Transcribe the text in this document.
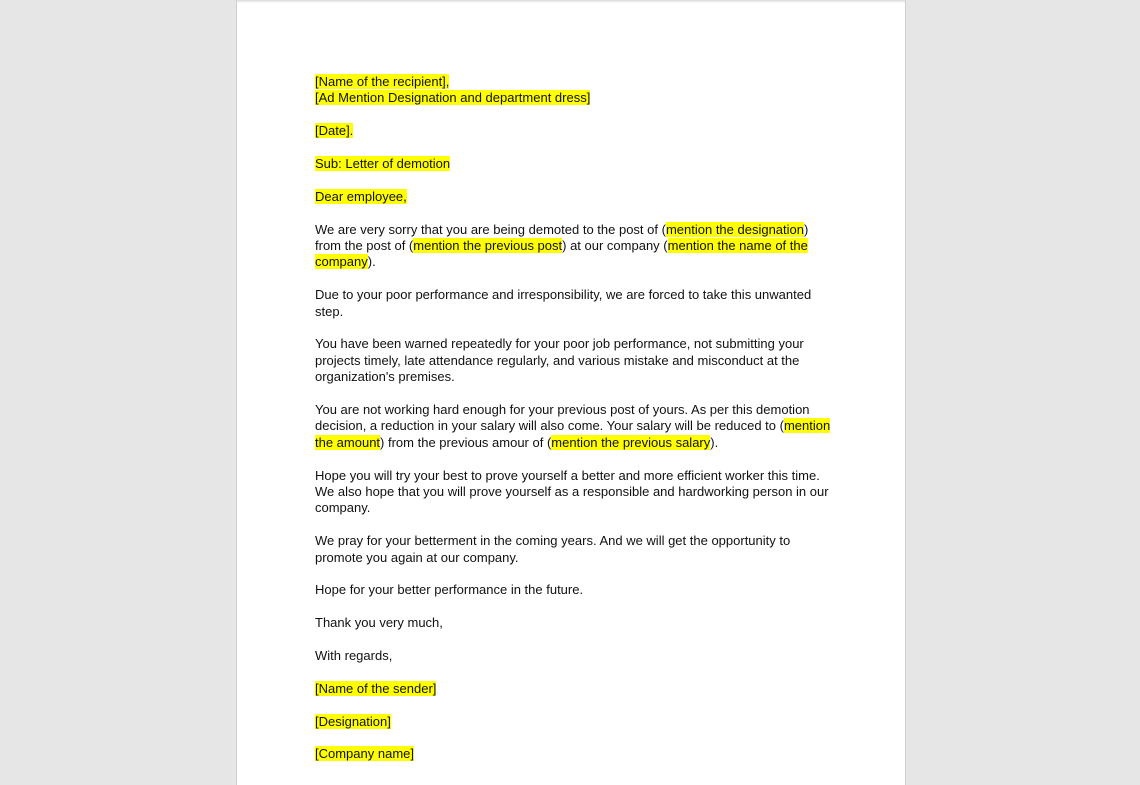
[Name of the recipient],
[Ad Mention Designation and department dress]
[Date].
Sub: Letter of demotion
Dear employee,
We are very sorry that you are being demoted to the post of (mention the designation) from the post of (mention the previous post) at our company (mention the name of the company).
Due to your poor performance and irresponsibility, we are forced to take this unwanted step.
You have been warned repeatedly for your poor job performance, not submitting your projects timely, late attendance regularly, and various mistake and misconduct at the organization's premises.
You are not working hard enough for your previous post of yours. As per this demotion decision, a reduction in your salary will also come. Your salary will be reduced to (mention the amount) from the previous amour of (mention the previous salary).
Hope you will try your best to prove yourself a better and more efficient worker this time. We also hope that you will prove yourself as a responsible and hardworking person in our company.
We pray for your betterment in the coming years. And we will get the opportunity to promote you again at our company.
Hope for your better performance in the future.
Thank you very much,
With regards,
[Name of the sender]
[Designation]
[Company name]
